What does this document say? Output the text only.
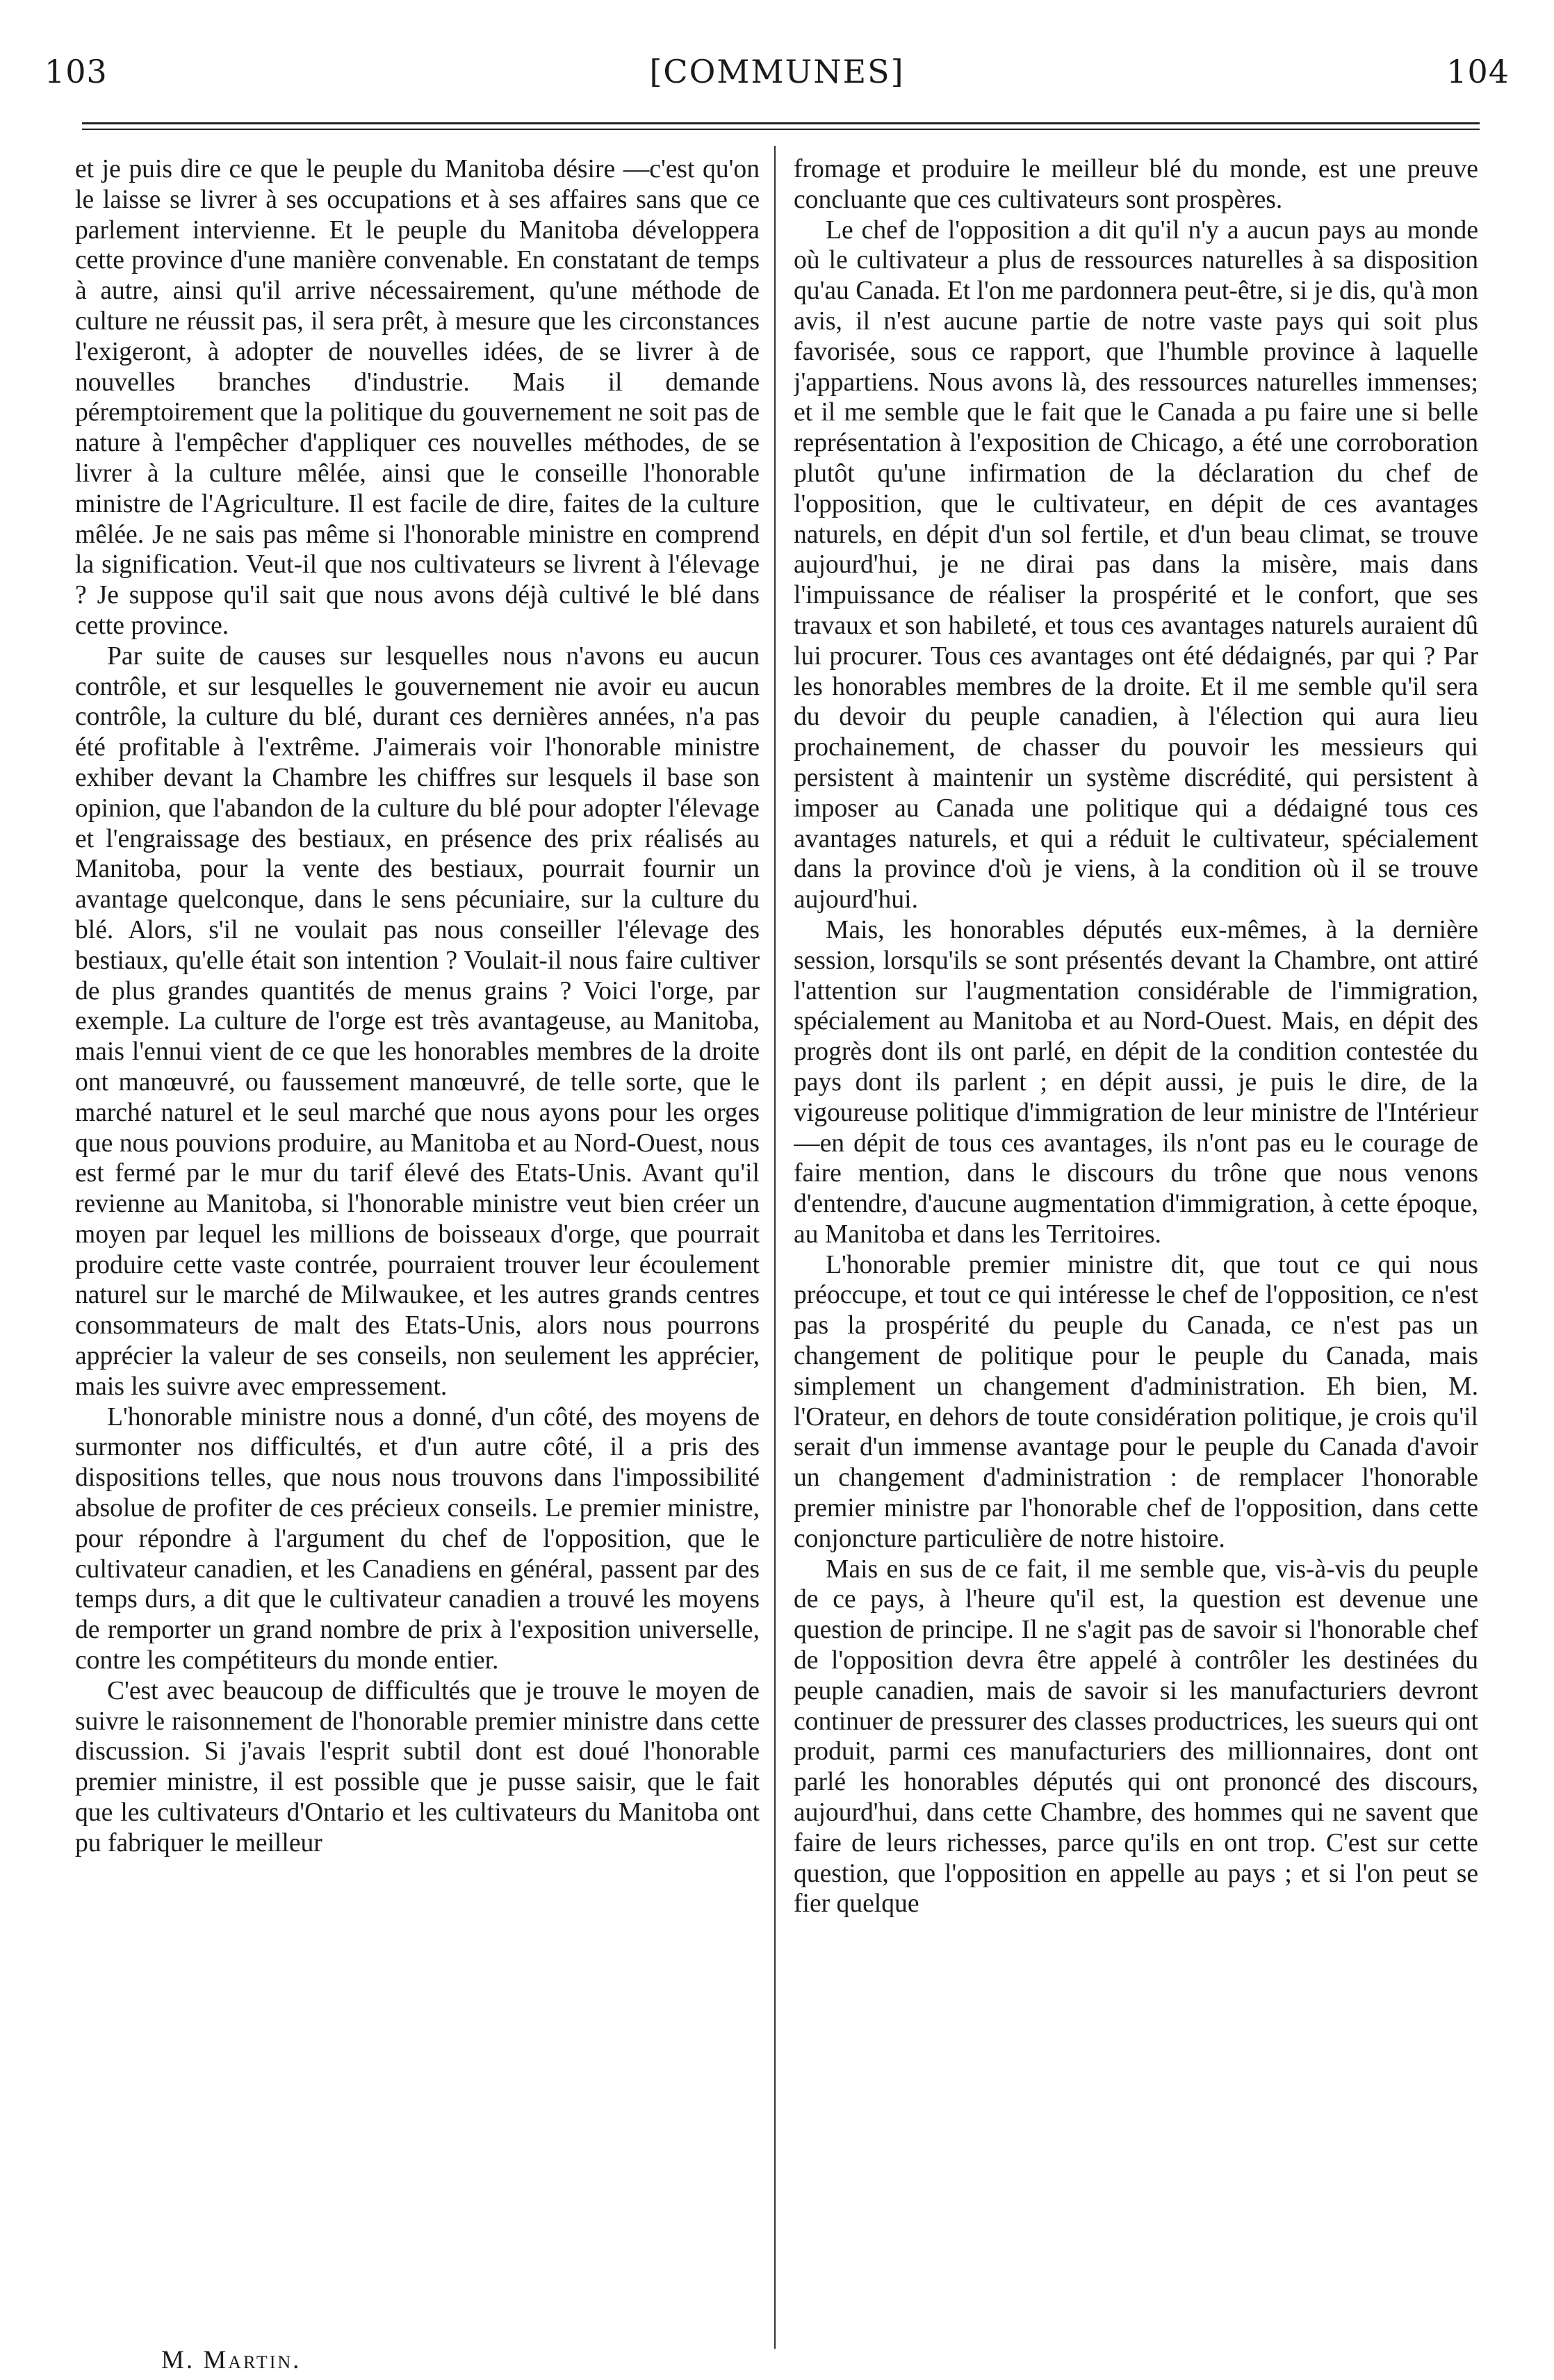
103	[COMMUNES]	104

et je puis dire ce que le peuple du Manitoba désire —c'est qu'on le laisse se livrer à ses occupations et à ses affaires sans que ce parlement intervienne. Et le peuple du Manitoba développera cette province d'une manière convenable. En constatant de temps à autre, ainsi qu'il arrive nécessairement, qu'une méthode de culture ne réussit pas, il sera prêt, à mesure que les circonstances l'exigeront, à adopter de nouvelles idées, de se livrer à de nouvelles branches d'industrie. Mais il demande péremptoirement que la politique du gouvernement ne soit pas de nature à l'empêcher d'appliquer ces nouvelles méthodes, de se livrer à la culture mêlée, ainsi que le conseille l'honorable ministre de l'Agriculture. Il est facile de dire, faites de la culture mêlée. Je ne sais pas même si l'honorable ministre en comprend la signification. Veut-il que nos cultivateurs se livrent à l'élevage ? Je suppose qu'il sait que nous avons déjà cultivé le blé dans cette province.

Par suite de causes sur lesquelles nous n'avons eu aucun contrôle, et sur lesquelles le gouvernement nie avoir eu aucun contrôle, la culture du blé, durant ces dernières années, n'a pas été profitable à l'extrême. J'aimerais voir l'honorable ministre exhiber devant la Chambre les chiffres sur lesquels il base son opinion, que l'abandon de la culture du blé pour adopter l'élevage et l'engraissage des bestiaux, en présence des prix réalisés au Manitoba, pour la vente des bestiaux, pourrait fournir un avantage quelconque, dans le sens pécuniaire, sur la culture du blé. Alors, s'il ne voulait pas nous conseiller l'élevage des bestiaux, qu'elle était son intention ? Voulait-il nous faire cultiver de plus grandes quantités de menus grains ? Voici l'orge, par exemple. La culture de l'orge est très avantageuse, au Manitoba, mais l'ennui vient de ce que les honorables membres de la droite ont manœuvré, ou faussement manœuvré, de telle sorte, que le marché naturel et le seul marché que nous ayons pour les orges que nous pouvions produire, au Manitoba et au Nord-Ouest, nous est fermé par le mur du tarif élevé des Etats-Unis. Avant qu'il revienne au Manitoba, si l'honorable ministre veut bien créer un moyen par lequel les millions de boisseaux d'orge, que pourrait produire cette vaste contrée, pourraient trouver leur écoulement naturel sur le marché de Milwaukee, et les autres grands centres consommateurs de malt des Etats-Unis, alors nous pourrons apprécier la valeur de ses conseils, non seulement les apprécier, mais les suivre avec empressement.

L'honorable ministre nous a donné, d'un côté, des moyens de surmonter nos difficultés, et d'un autre côté, il a pris des dispositions telles, que nous nous trouvons dans l'impossibilité absolue de profiter de ces précieux conseils. Le premier ministre, pour répondre à l'argument du chef de l'opposition, que le cultivateur canadien, et les Canadiens en général, passent par des temps durs, a dit que le cultivateur canadien a trouvé les moyens de remporter un grand nombre de prix à l'exposition universelle, contre les compétiteurs du monde entier.

C'est avec beaucoup de difficultés que je trouve le moyen de suivre le raisonnement de l'honorable premier ministre dans cette discussion. Si j'avais l'esprit subtil dont est doué l'honorable premier ministre, il est possible que je pusse saisir, que le fait que les cultivateurs d'Ontario et les cultivateurs du Manitoba ont pu fabriquer le meilleur

fromage et produire le meilleur blé du monde, est une preuve concluante que ces cultivateurs sont prospères.

Le chef de l'opposition a dit qu'il n'y a aucun pays au monde où le cultivateur a plus de ressources naturelles à sa disposition qu'au Canada. Et l'on me pardonnera peut-être, si je dis, qu'à mon avis, il n'est aucune partie de notre vaste pays qui soit plus favorisée, sous ce rapport, que l'humble province à laquelle j'appartiens. Nous avons là, des ressources naturelles immenses; et il me semble que le fait que le Canada a pu faire une si belle représentation à l'exposition de Chicago, a été une corroboration plutôt qu'une infirmation de la déclaration du chef de l'opposition, que le cultivateur, en dépit de ces avantages naturels, en dépit d'un sol fertile, et d'un beau climat, se trouve aujourd'hui, je ne dirai pas dans la misère, mais dans l'impuissance de réaliser la prospérité et le confort, que ses travaux et son habileté, et tous ces avantages naturels auraient dû lui procurer. Tous ces avantages ont été dédaignés, par qui ? Par les honorables membres de la droite. Et il me semble qu'il sera du devoir du peuple canadien, à l'élection qui aura lieu prochainement, de chasser du pouvoir les messieurs qui persistent à maintenir un système discrédité, qui persistent à imposer au Canada une politique qui a dédaigné tous ces avantages naturels, et qui a réduit le cultivateur, spécialement dans la province d'où je viens, à la condition où il se trouve aujourd'hui.

Mais, les honorables députés eux-mêmes, à la dernière session, lorsqu'ils se sont présentés devant la Chambre, ont attiré l'attention sur l'augmentation considérable de l'immigration, spécialement au Manitoba et au Nord-Ouest. Mais, en dépit des progrès dont ils ont parlé, en dépit de la condition contestée du pays dont ils parlent ; en dépit aussi, je puis le dire, de la vigoureuse politique d'immigration de leur ministre de l'Intérieur—en dépit de tous ces avantages, ils n'ont pas eu le courage de faire mention, dans le discours du trône que nous venons d'entendre, d'aucune augmentation d'immigration, à cette époque, au Manitoba et dans les Territoires.

L'honorable premier ministre dit, que tout ce qui nous préoccupe, et tout ce qui intéresse le chef de l'opposition, ce n'est pas la prospérité du peuple du Canada, ce n'est pas un changement de politique pour le peuple du Canada, mais simplement un changement d'administration. Eh bien, M. l'Orateur, en dehors de toute considération politique, je crois qu'il serait d'un immense avantage pour le peuple du Canada d'avoir un changement d'administration : de remplacer l'honorable premier ministre par l'honorable chef de l'opposition, dans cette conjoncture particulière de notre histoire.

Mais en sus de ce fait, il me semble que, vis-à-vis du peuple de ce pays, à l'heure qu'il est, la question est devenue une question de principe. Il ne s'agit pas de savoir si l'honorable chef de l'opposition devra être appelé à contrôler les destinées du peuple canadien, mais de savoir si les manufacturiers devront continuer de pressurer des classes productrices, les sueurs qui ont produit, parmi ces manufacturiers des millionnaires, dont ont parlé les honorables députés qui ont prononcé des discours, aujourd'hui, dans cette Chambre, des hommes qui ne savent que faire de leurs richesses, parce qu'ils en ont trop. C'est sur cette question, que l'opposition en appelle au pays ; et si l'on peut se fier quelque

M. Martin.
